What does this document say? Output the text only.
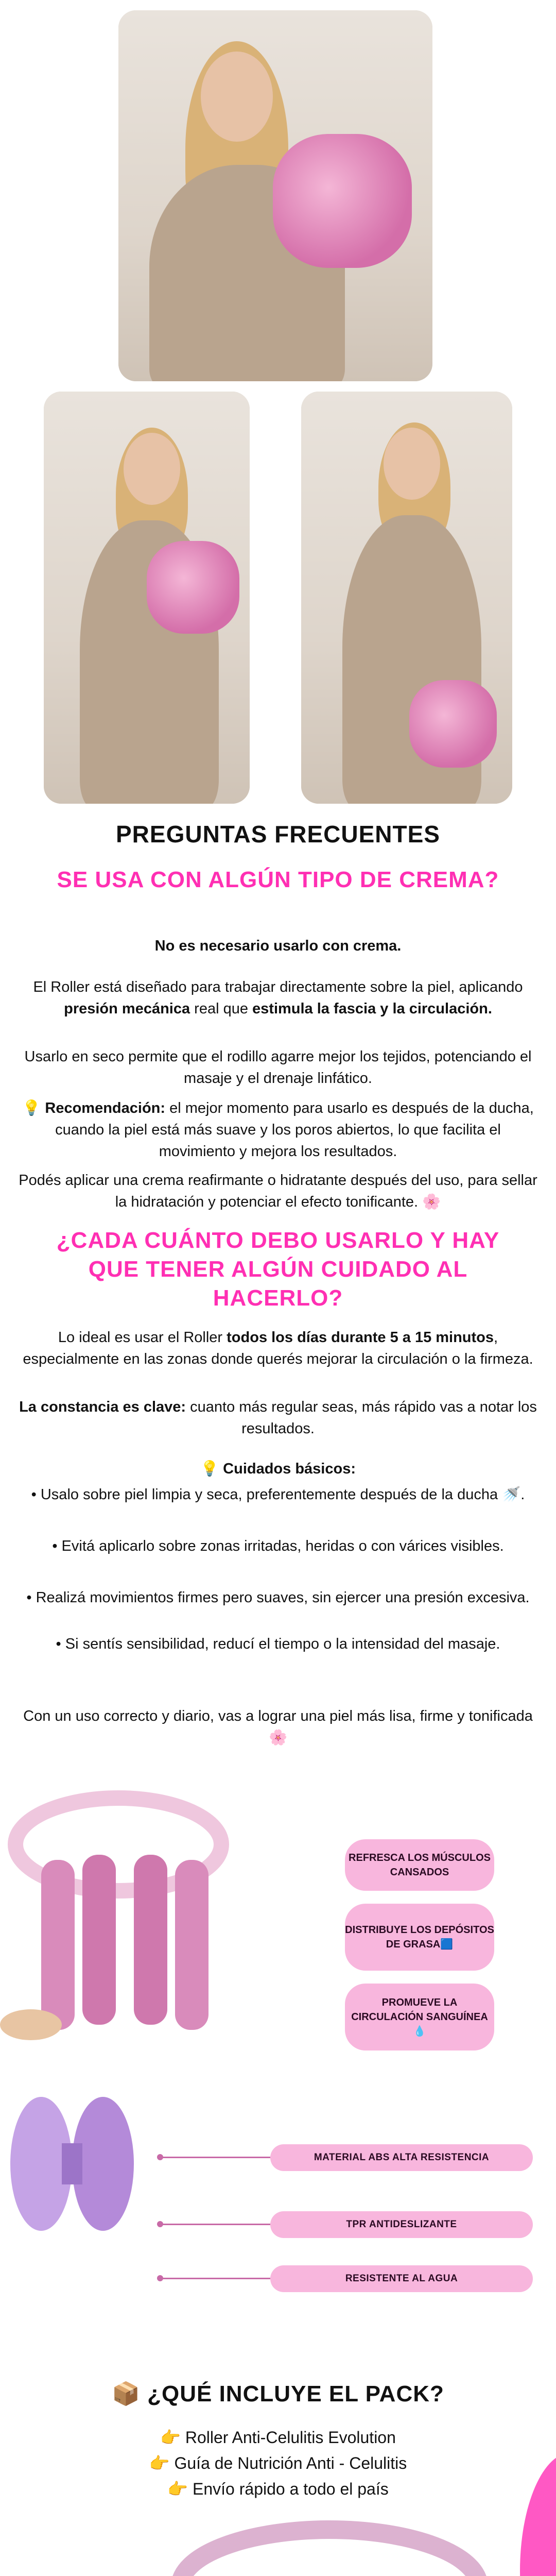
PREGUNTAS FRECUENTES
SE USA CON ALGÚN TIPO DE CREMA?
No es necesario usarlo con crema.
El Roller está diseñado para trabajar directamente sobre la piel, aplicando presión mecánica real que estimula la fascia y la circulación.
Usarlo en seco permite que el rodillo agarre mejor los tejidos, potenciando el masaje y el drenaje linfático.
💡 Recomendación: el mejor momento para usarlo es después de la ducha, cuando la piel está más suave y los poros abiertos, lo que facilita el movimiento y mejora los resultados.
Podés aplicar una crema reafirmante o hidratante después del uso, para sellar la hidratación y potenciar el efecto tonificante. 🌸
¿CADA CUÁNTO DEBO USARLO Y HAY QUE TENER ALGÚN CUIDADO AL HACERLO?
Lo ideal es usar el Roller todos los días durante 5 a 15 minutos, especialmente en las zonas donde querés mejorar la circulación o la firmeza.
La constancia es clave: cuanto más regular seas, más rápido vas a notar los resultados.
💡 Cuidados básicos:
• Usalo sobre piel limpia y seca, preferentemente después de la ducha 🚿.
• Evitá aplicarlo sobre zonas irritadas, heridas o con várices visibles.
• Realizá movimientos firmes pero suaves, sin ejercer una presión excesiva.
• Si sentís sensibilidad, reducí el tiempo o la intensidad del masaje.
Con un uso correcto y diario, vas a lograr una piel más lisa, firme y tonificada 🌸
REFRESCA LOS MÚSCULOS CANSADOS
DISTRIBUYE LOS DEPÓSITOS DE GRASA🟦
PROMUEVE LA CIRCULACIÓN SANGUÍNEA💧
MATERIAL ABS ALTA RESISTENCIA
TPR ANTIDESLIZANTE
RESISTENTE AL AGUA
📦 ¿QUÉ INCLUYE EL PACK?
👉 Roller Anti-Celulitis Evolution
👉 Guía de Nutrición Anti - Celulitis
👉 Envío rápido a todo el país
